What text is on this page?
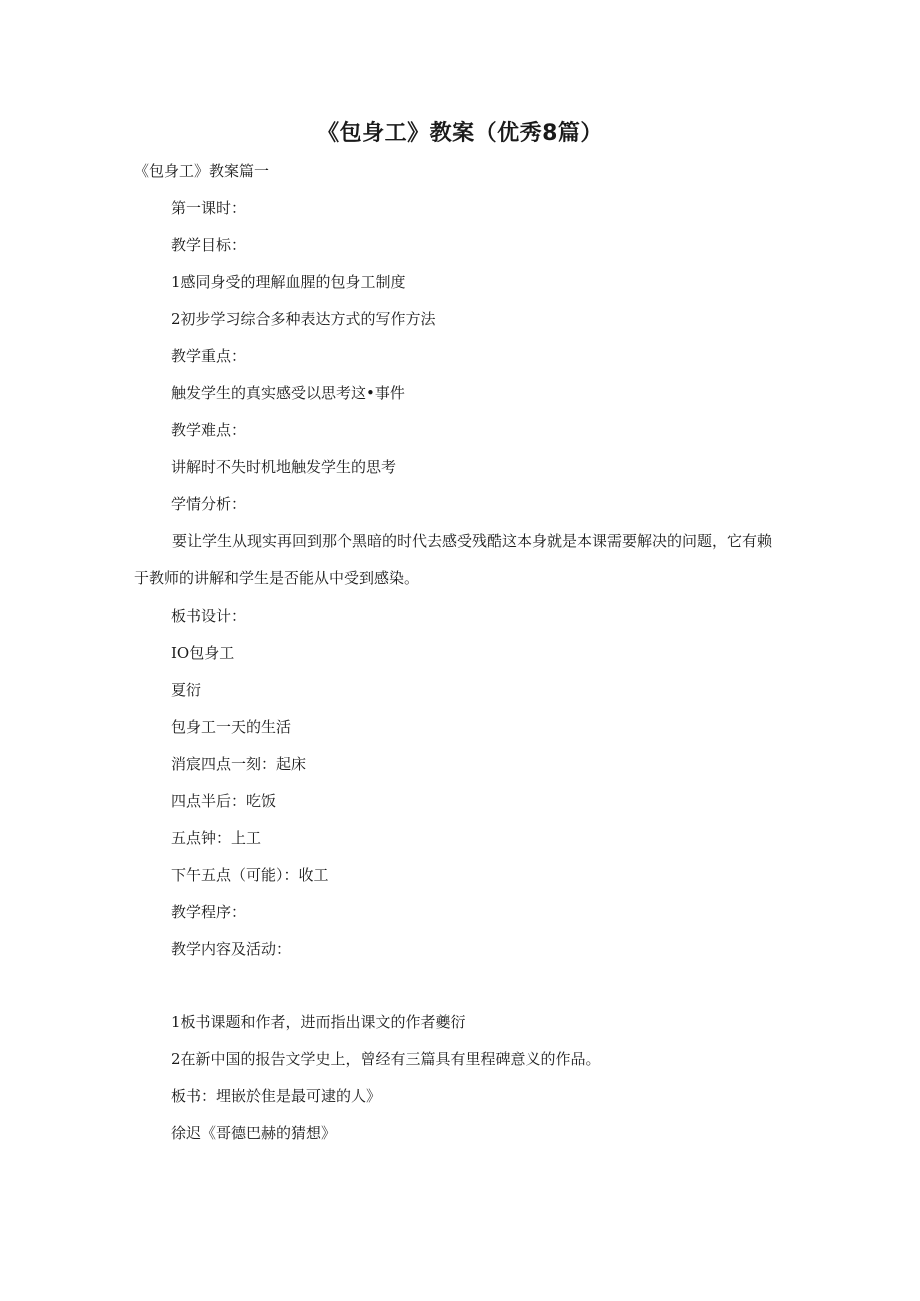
《包身工》教案（优秀8篇）

《包身工》教案篇一

第一课时：

教学目标：

1感同身受的理解血腥的包身工制度

2初步学习综合多种表达方式的写作方法

教学重点：

触发学生的真实感受以思考这•事件

教学难点：

讲解时不失时机地触发学生的思考

学情分析：

要让学生从现实再回到那个黑暗的时代去感受残酷这本身就是本课需要解决的问题，它有赖于教师的讲解和学生是否能从中受到感染。

板书设计：

IO包身工

夏衍

包身工一天的生活

消宸四点一刻：起床

四点半后：吃饭

五点钟：上工

下午五点（可能）：收工

教学程序：

教学内容及活动：

1板书课题和作者，进而指出课文的作者夔衍

2在新中国的报告文学史上，曾经有三篇具有里程碑意义的作品。

板书：埋嵌於隹是最可逮的人》

徐迟《哥德巴赫的猜想》
